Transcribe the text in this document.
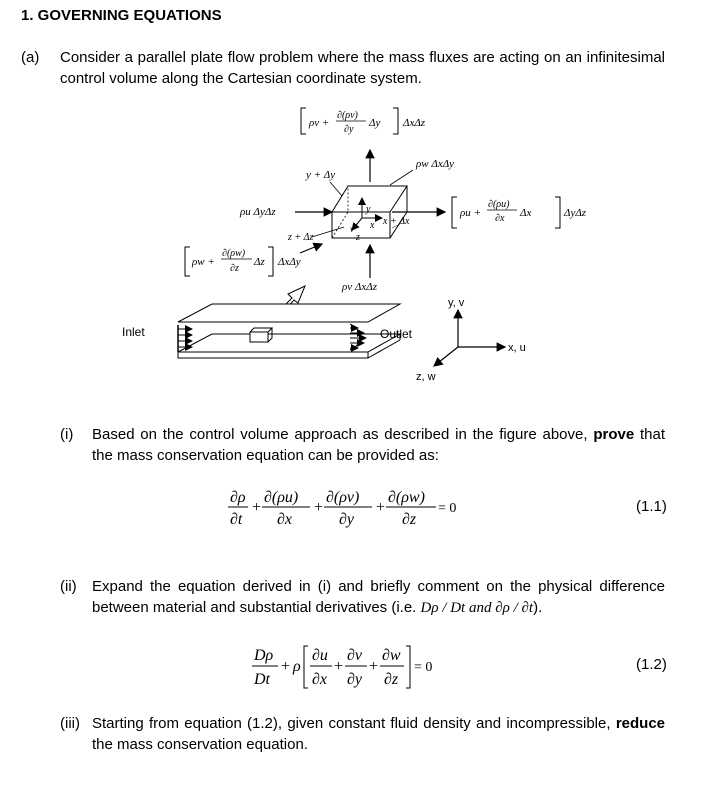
1. GOVERNING EQUATIONS
(a) Consider a parallel plate flow problem where the mass fluxes are acting on an infinitesimal control volume along the Cartesian coordinate system.
ρv +
∂(ρv)
∂y
Δy ΔxΔz
ρw ΔxΔy
y
x
z
v
y + Δy
ρu ΔyΔz
x + Δx
ρu +
∂(ρu)
∂x Δx	ΔyΔz
z + Δz
ρw +
∂(ρw)
∂z
Δz ΔxΔy
ρv ΔxΔz
Inlet	Outlet
y, v
x, u
z, w
(i) Based on the control volume approach as described in the figure above, prove that the mass conservation equation can be provided as:
∂ρ
∂t
+
∂(ρu)
∂x
+
∂(ρv)
∂y
+
∂(ρw)
∂z
= 0	(1.1)
(ii) Expand the equation derived in (i) and briefly comment on the physical difference between material and substantial derivatives (i.e. Dρ / Dt and ∂ρ / ∂t).
Dρ
Dt
+ ρ
∂u
∂x
+
∂v
∂y
+
∂w
∂z
= 0	(1.2)
(iii) Starting from equation (1.2), given constant fluid density and incompressible, reduce the mass conservation equation.
